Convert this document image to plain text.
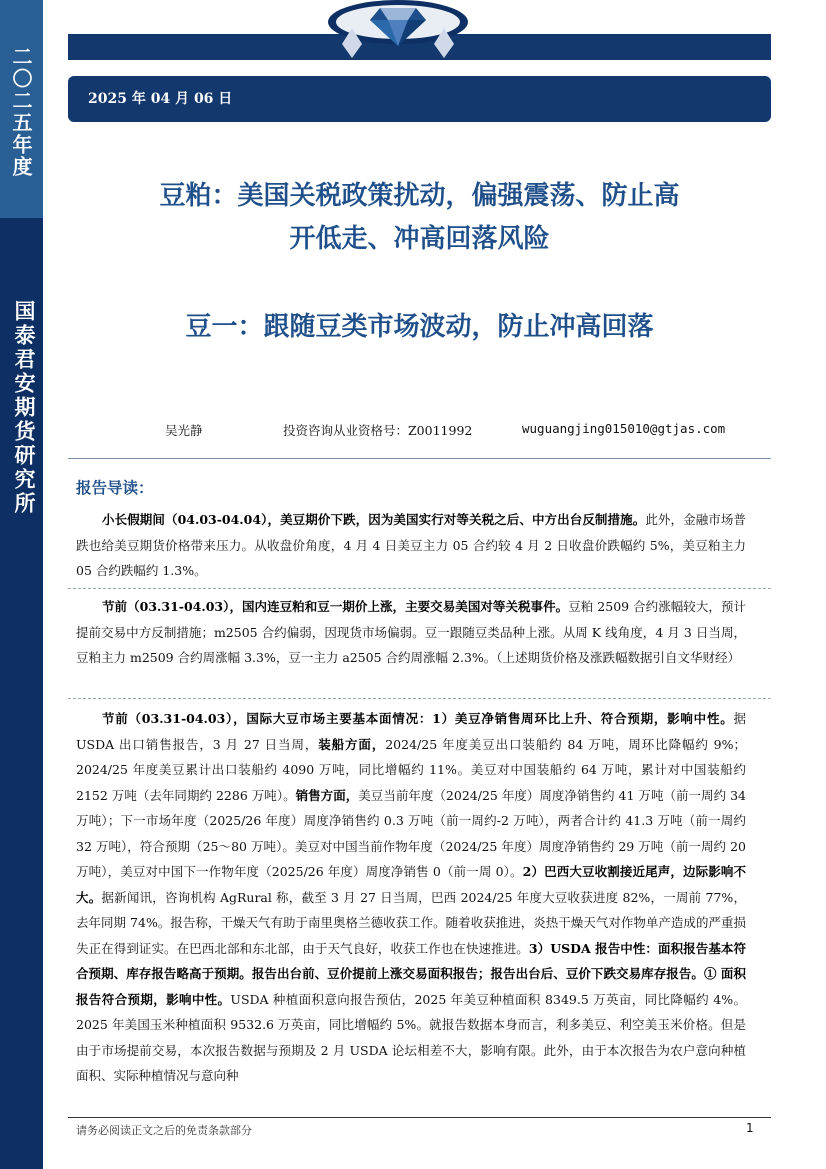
二〇二五年度
国泰君安期货研究所
2025 年 04 月 06 日
豆粕：美国关税政策扰动，偏强震荡、防止高
开低走、冲高回落风险
豆一：跟随豆类市场波动，防止冲高回落
吴光静	投资咨询从业资格号：Z0011992	wuguangjing015010@gtjas.com
报告导读：
小长假期间（04.03-04.04），美豆期价下跌，因为美国实行对等关税之后、中方出台反制措施。此外，金融市场普跌也给美豆期货价格带来压力。从收盘价角度，4 月 4 日美豆主力 05 合约较 4 月 2 日收盘价跌幅约 5%，美豆粕主力 05 合约跌幅约 1.3%。
节前（03.31-04.03），国内连豆粕和豆一期价上涨，主要交易美国对等关税事件。豆粕 2509 合约涨幅较大，预计提前交易中方反制措施；m2505 合约偏弱，因现货市场偏弱。豆一跟随豆类品种上涨。从周 K 线角度，4 月 3 日当周，豆粕主力 m2509 合约周涨幅 3.3%，豆一主力 a2505 合约周涨幅 2.3%。（上述期货价格及涨跌幅数据引自文华财经）
节前（03.31-04.03），国际大豆市场主要基本面情况：1）美豆净销售周环比上升、符合预期，影响中性。据 USDA 出口销售报告，3 月 27 日当周，装船方面，2024/25 年度美豆出口装船约 84 万吨，周环比降幅约 9%；2024/25 年度美豆累计出口装船约 4090 万吨，同比增幅约 11%。美豆对中国装船约 64 万吨，累计对中国装船约 2152 万吨（去年同期约 2286 万吨）。销售方面，美豆当前年度（2024/25 年度）周度净销售约 41 万吨（前一周约 34 万吨）；下一市场年度（2025/26 年度）周度净销售约 0.3 万吨（前一周约-2 万吨），两者合计约 41.3 万吨（前一周约 32 万吨），符合预期（25～80 万吨）。美豆对中国当前作物年度（2024/25 年度）周度净销售约 29 万吨（前一周约 20 万吨），美豆对中国下一作物年度（2025/26 年度）周度净销售 0（前一周 0）。2）巴西大豆收割接近尾声，边际影响不大。据新闻讯，咨询机构 AgRural 称，截至 3 月 27 日当周，巴西 2024/25 年度大豆收获进度 82%，一周前 77%，去年同期 74%。报告称，干燥天气有助于南里奥格兰德收获工作。随着收获推进，炎热干燥天气对作物单产造成的严重损失正在得到证实。在巴西北部和东北部，由于天气良好，收获工作也在快速推进。3）USDA 报告中性：面积报告基本符合预期、库存报告略高于预期。报告出台前、豆价提前上涨交易面积报告；报告出台后、豆价下跌交易库存报告。① 面积报告符合预期，影响中性。USDA 种植面积意向报告预估，2025 年美豆种植面积 8349.5 万英亩，同比降幅约 4%。2025 年美国玉米种植面积 9532.6 万英亩，同比增幅约 5%。就报告数据本身而言，利多美豆、利空美玉米价格。但是由于市场提前交易，本次报告数据与预期及 2 月 USDA 论坛相差不大，影响有限。此外，由于本次报告为农户意向种植面积、实际种植情况与意向种
请务必阅读正文之后的免责条款部分	1
